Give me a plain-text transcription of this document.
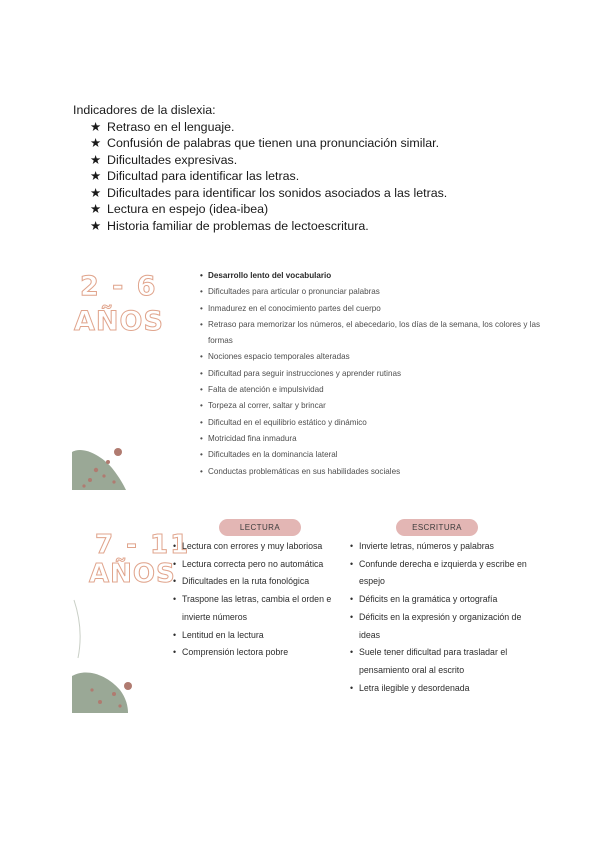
Indicadores de la dislexia:
★ Retraso en el lenguaje.
★ Confusión de palabras que tienen una pronunciación similar.
★ Dificultades expresivas.
★ Dificultad para identificar las letras.
★ Dificultades para identificar los sonidos asociados a las letras.
★ Lectura en espejo (idea-ibea)
★ Historia familiar de problemas de lectoescritura.
2 - 6
AÑOS
• Desarrollo lento del vocabulario
• Dificultades para articular o pronunciar palabras
• Inmadurez en el conocimiento partes del cuerpo
• Retraso para memorizar los números, el abecedario, los días de la semana, los colores y las formas
• Nociones espacio temporales alteradas
• Dificultad para seguir instrucciones y aprender rutinas
• Falta de atención e impulsividad
• Torpeza al correr, saltar y brincar
• Dificultad en el equilibrio estático y dinámico
• Motricidad fina inmadura
• Dificultades en la dominancia lateral
• Conductas problemáticas en sus habilidades sociales
7 - 11
AÑOS
LECTURA	ESCRITURA
• Lectura con errores y muy laboriosa
• Lectura correcta pero no automática
• Dificultades en la ruta fonológica
• Traspone las letras, cambia el orden e invierte números
• Lentitud en la lectura
• Comprensión lectora pobre
• Invierte letras, números y palabras
• Confunde derecha e izquierda y escribe en espejo
• Déficits en la gramática y ortografía
• Déficits en la expresión y organización de ideas
• Suele tener dificultad para trasladar el pensamiento oral al escrito
• Letra ilegible y desordenada
